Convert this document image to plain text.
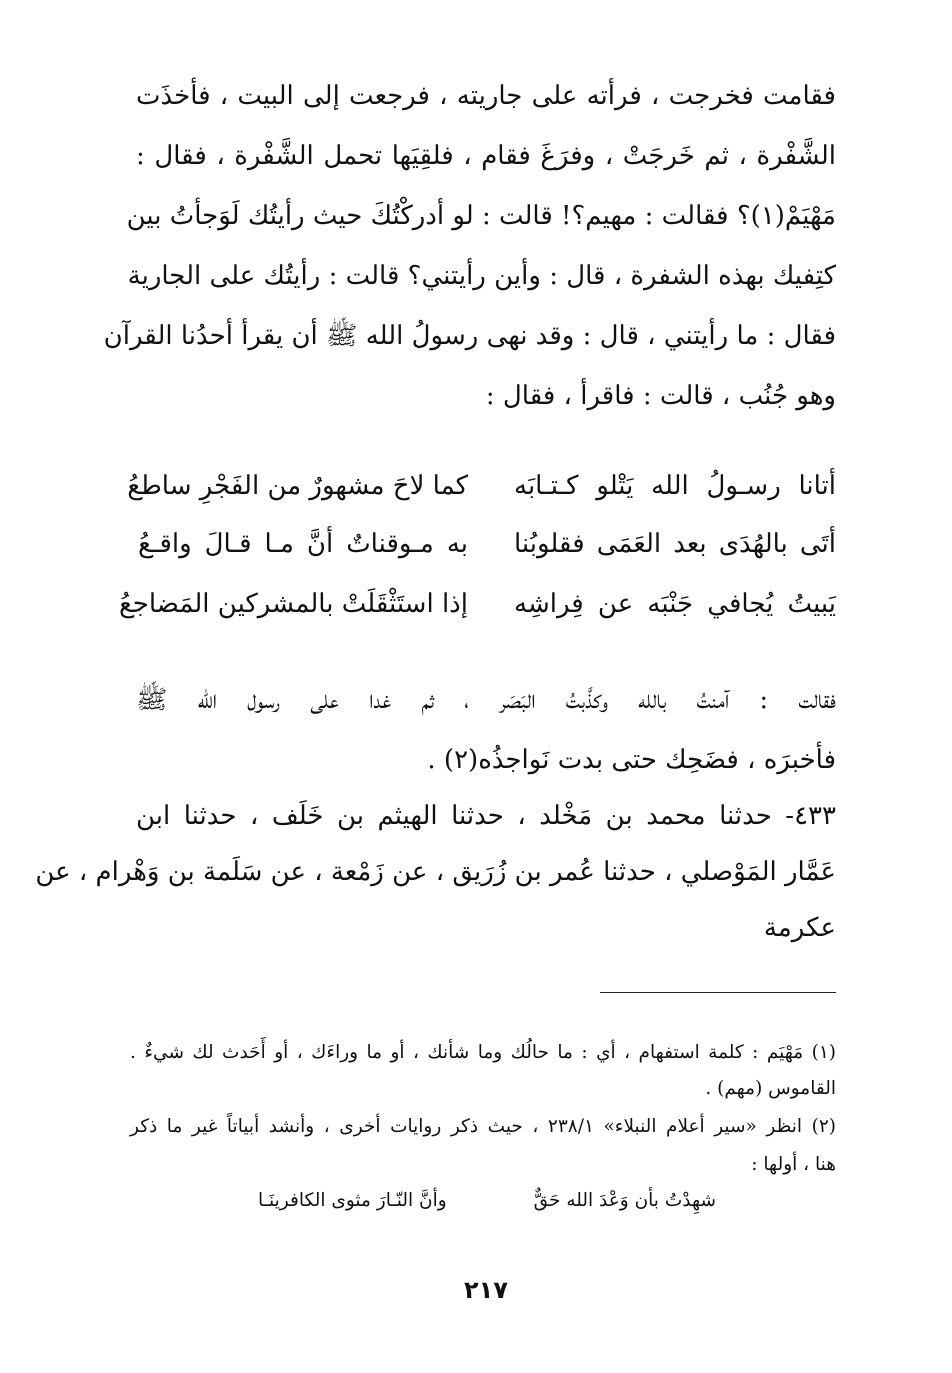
فقامت فخرجت ، فرأته على جاريته ، فرجعت إلى البيت ، فأخذَت
الشَّفْرة ، ثم خَرجَتْ ، وفرَغَ فقام ، فلقِيَها تحمل الشَّفْرة ، فقال :
مَهْيَمْ(١)؟ فقالت : مهيم؟! قالت : لو أدركْتُكَ حيث رأيتُك لَوَجأتُ بين
كتِفيك بهذه الشفرة ، قال : وأين رأيتني؟ قالت : رأيتُك على الجارية
فقال : ما رأيتني ، قال : وقد نهى رسولُ الله ﷺ أن يقرأ أحدُنا القرآن
وهو جُنُب ، قالت : فاقرأ ، فقال :
أتانا رسـولُ الله يَتْلو كـتـابَه
كما لاحَ مشهورٌ من الفَجْرِ ساطعُ
أتَى بالهُدَى بعد العَمَى فقلوبُنا
به مـوقناتٌ أنَّ مـا قـالَ واقـعُ
يَبيتُ يُجافي جَنْبَه عن فِراشِه
إذا استَثْقَلَتْ بالمشركين المَضاجعُ
فقالت : آمنتُ بالله وكذَّبتُ البَصَر ، ثم غدا على رسول الله ﷺ
فأخبرَه ، فضَحِك حتى بدت نَواجذُه(٢) .
٤٣٣- حدثنا محمد بن مَخْلد ، حدثنا الهيثم بن خَلَف ، حدثنا ابن
عَمَّار المَوْصلي ، حدثنا عُمر بن زُرَيق ، عن زَمْعة ، عن سَلَمة بن وَهْرام ، عن
عكرمة
(١) مَهْيَم : كلمة استفهام ، أي : ما حالُك وما شأنك ، أو ما وراءَك ، أو أَحَدث لك شيءٌ .
القاموس (مهم) .
(٢) انظر «سير أعلام النبلاء» ٢٣٨/١ ، حيث ذكر روايات أخرى ، وأنشد أبياتاً غير ما ذكر
هنا ، أولها :
شهِدْتُ بأن وَعْدَ الله حَقٌّ
وأنَّ النّـارَ مثوى الكافرينَـا
٢١٧
